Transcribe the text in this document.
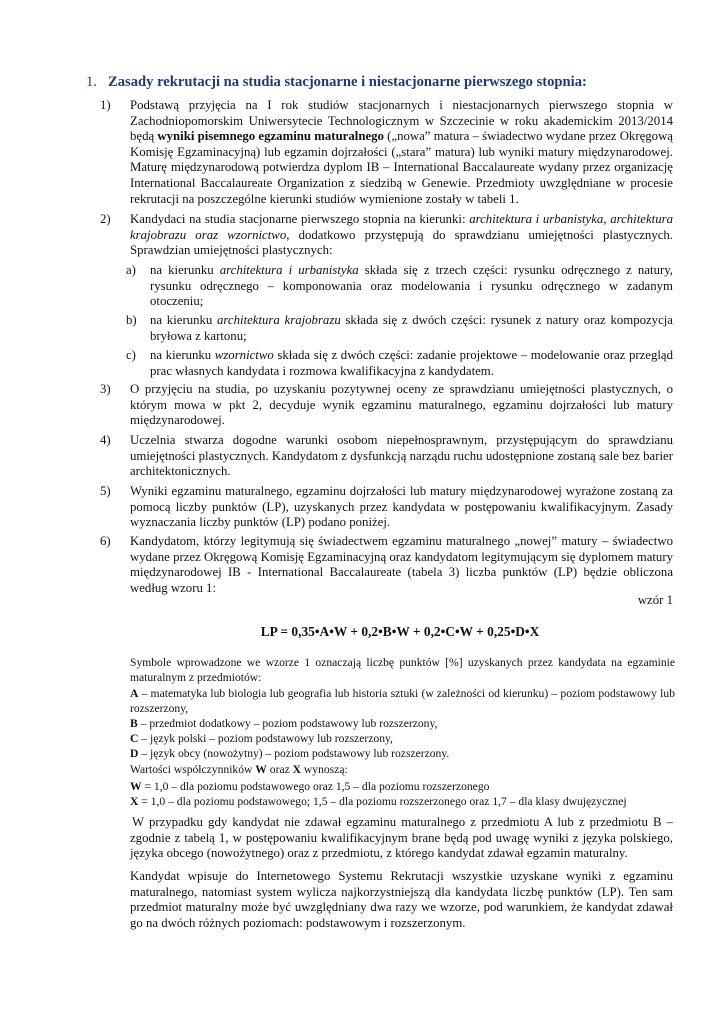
1. Zasady rekrutacji na studia stacjonarne i niestacjonarne pierwszego stopnia:
1)	Podstawą przyjęcia na I rok studiów stacjonarnych i niestacjonarnych pierwszego stopnia w Zachodniopomorskim Uniwersytecie Technologicznym w Szczecinie w roku akademickim 2013/2014 będą wyniki pisemnego egzaminu maturalnego („nowa” matura – świadectwo wydane przez Okręgową Komisję Egzaminacyjną) lub egzamin dojrzałości („stara” matura) lub wyniki matury międzynarodowej. Maturę międzynarodową potwierdza dyplom IB – International Baccalaureate wydany przez organizację International Baccalaureate Organization z siedzibą w Genewie. Przedmioty uwzględniane w procesie rekrutacji na poszczególne kierunki studiów wymienione zostały w tabeli 1.
2)	Kandydaci na studia stacjonarne pierwszego stopnia na kierunki: architektura i urbanistyka, architektura krajobrazu oraz wzornictwo, dodatkowo przystępują do sprawdzianu umiejętności plastycznych. Sprawdzian umiejętności plastycznych:
a)	na kierunku architektura i urbanistyka składa się z trzech części: rysunku odręcznego z natury, rysunku odręcznego – komponowania oraz modelowania i rysunku odręcznego w zadanym otoczeniu;
b)	na kierunku architektura krajobrazu składa się z dwóch części: rysunek z natury oraz kompozycja bryłowa z kartonu;
c)	na kierunku wzornictwo składa się z dwóch części: zadanie projektowe – modelowanie oraz przegląd prac własnych kandydata i rozmowa kwalifikacyjna z kandydatem.
3)	O przyjęciu na studia, po uzyskaniu pozytywnej oceny ze sprawdzianu umiejętności plastycznych, o którym mowa w pkt 2, decyduje wynik egzaminu maturalnego, egzaminu dojrzałości lub matury międzynarodowej.
4)	Uczelnia stwarza dogodne warunki osobom niepełnosprawnym, przystępującym do sprawdzianu umiejętności plastycznych. Kandydatom z dysfunkcją narządu ruchu udostępnione zostaną sale bez barier architektonicznych.
5)	Wyniki egzaminu maturalnego, egzaminu dojrzałości lub matury międzynarodowej wyrażone zostaną za pomocą liczby punktów (LP), uzyskanych przez kandydata w postępowaniu kwalifikacyjnym. Zasady wyznaczania liczby punktów (LP) podano poniżej.
6)	Kandydatom, którzy legitymują się świadectwem egzaminu maturalnego „nowej” matury – świadectwo wydane przez Okręgową Komisję Egzaminacyjną oraz kandydatom legitymującym się dyplomem matury międzynarodowej IB - International Baccalaureate (tabela 3) liczba punktów (LP) będzie obliczona według wzoru 1:
wzór 1
LP = 0,35•A•W + 0,2•B•W + 0,2•C•W + 0,25•D•X

Symbole wprowadzone we wzorze 1 oznaczają liczbę punktów [%] uzyskanych przez kandydata na egzaminie maturalnym z przedmiotów:

A – matematyka lub biologia lub geografia lub historia sztuki (w zależności od kierunku) – poziom podstawowy lub rozszerzony,

B – przedmiot dodatkowy – poziom podstawowy lub rozszerzony,

C – język polski – poziom podstawowy lub rozszerzony,

D – język obcy (nowożytny) – poziom podstawowy lub rozszerzony.

Wartości współczynników W oraz X wynoszą:

W = 1,0 – dla poziomu podstawowego oraz 1,5 – dla poziomu rozszerzonego

X = 1,0 – dla poziomu podstawowego; 1,5 – dla poziomu rozszerzonego oraz 1,7 – dla klasy dwujęzycznej

W przypadku gdy kandydat nie zdawał egzaminu maturalnego z przedmiotu A lub z przedmiotu B – zgodnie z tabelą 1, w postępowaniu kwalifikacyjnym brane będą pod uwagę wyniki z języka polskiego, języka obcego (nowożytnego) oraz z przedmiotu, z którego kandydat zdawał egzamin maturalny.

Kandydat wpisuje do Internetowego Systemu Rekrutacji wszystkie uzyskane wyniki z egzaminu maturalnego, natomiast system wylicza najkorzystniejszą dla kandydata liczbę punktów (LP). Ten sam przedmiot maturalny może być uwzględniany dwa razy we wzorze, pod warunkiem, że kandydat zdawał go na dwóch różnych poziomach: podstawowym i rozszerzonym.
